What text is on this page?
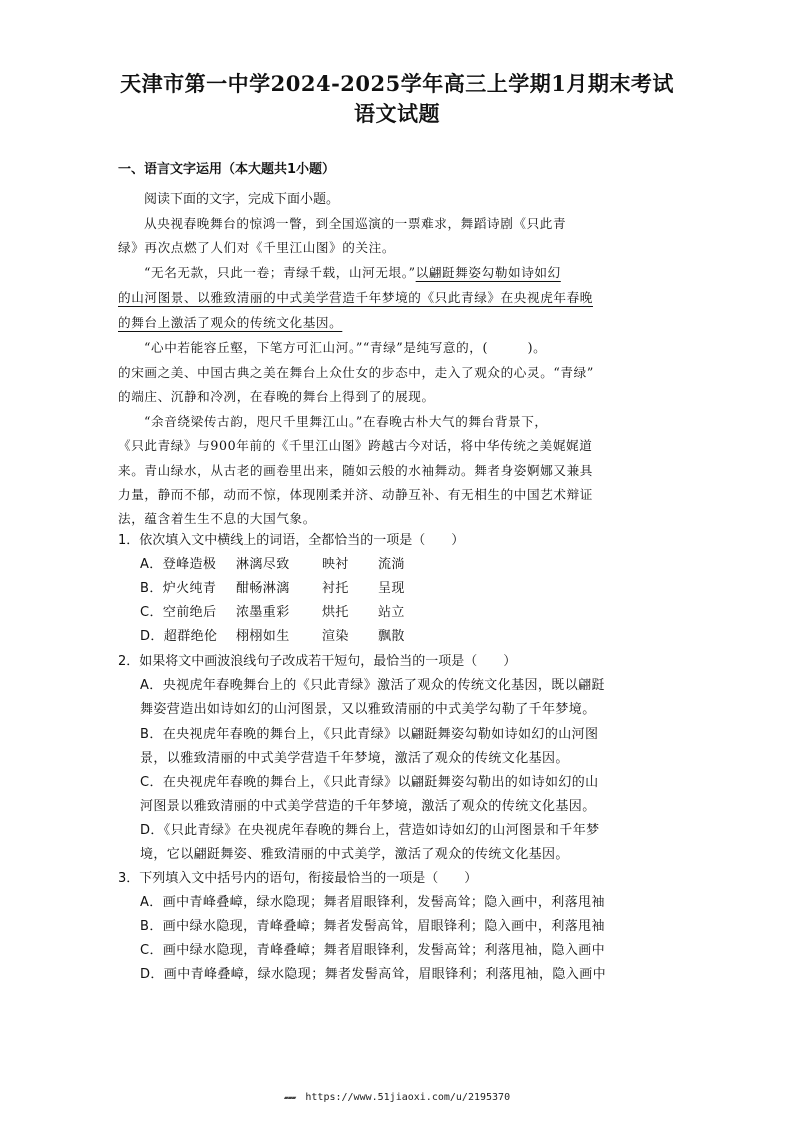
天津市第一中学2024-2025学年高三上学期1月期末考试
语文试题
一、语言文字运用（本大题共1小题）
阅读下面的文字，完成下面小题。
从央视春晚舞台的惊鸿一瞥，到全国巡演的一票难求，舞蹈诗剧《只此青
绿》再次点燃了人们对《千里江山图》的关注。
“无名无款，只此一卷；青绿千载，山河无垠。”以翩跹舞姿勾勒如诗如幻
的山河图景、以雅致清丽的中式美学营造千年梦境的《只此青绿》在央视虎年春晚
的舞台上激活了观众的传统文化基因。
“心中若能容丘壑，下笔方可汇山河。”“青绿”是纯写意的，(　　　)。
的宋画之美、中国古典之美在舞台上众仕女的步态中，走入了观众的心灵。“青绿”
的端庄、沉静和冷冽，在春晚的舞台上得到了的展现。
“余音绕梁传古韵，咫尺千里舞江山。”在春晚古朴大气的舞台背景下，
《只此青绿》与900年前的《千里江山图》跨越古今对话，将中华传统之美娓娓道
来。青山绿水，从古老的画卷里出来，随如云般的水袖舞动。舞者身姿婀娜又兼具
力量，静而不郁，动而不惊，体现刚柔并济、动静互补、有无相生的中国艺术辩证
法，蕴含着生生不息的大国气象。
1．依次填入文中横线上的词语，全都恰当的一项是（　　）
A．登峰造极 淋漓尽致 映衬 流淌
B．炉火纯青 酣畅淋漓 衬托 呈现
C．空前绝后 浓墨重彩 烘托 站立
D．超群绝伦 栩栩如生 渲染 飘散
2．如果将文中画波浪线句子改成若干短句，最恰当的一项是（　　）
A．央视虎年春晚舞台上的《只此青绿》激活了观众的传统文化基因，既以翩跹
舞姿营造出如诗如幻的山河图景，又以雅致清丽的中式美学勾勒了千年梦境。
B．在央视虎年春晚的舞台上，《只此青绿》以翩跹舞姿勾勒如诗如幻的山河图
景，以雅致清丽的中式美学营造千年梦境，激活了观众的传统文化基因。
C．在央视虎年春晚的舞台上，《只此青绿》以翩跹舞姿勾勒出的如诗如幻的山
河图景以雅致清丽的中式美学营造的千年梦境，激活了观众的传统文化基因。
D．《只此青绿》在央视虎年春晚的舞台上，营造如诗如幻的山河图景和千年梦
境，它以翩跹舞姿、雅致清丽的中式美学，激活了观众的传统文化基因。
3．下列填入文中括号内的语句，衔接最恰当的一项是（　　）
A．画中青峰叠嶂，绿水隐现；舞者眉眼锋利，发髻高耸；隐入画中，利落甩袖
B．画中绿水隐现，青峰叠嶂；舞者发髻高耸，眉眼锋利；隐入画中，利落甩袖
C．画中绿水隐现，青峰叠嶂；舞者眉眼锋利，发髻高耸；利落甩袖，隐入画中
D．画中青峰叠嶂，绿水隐现；舞者发髻高耸，眉眼锋利；利落甩袖，隐入画中
▰▰▰ https://www.51jiaoxi.com/u/2195370
